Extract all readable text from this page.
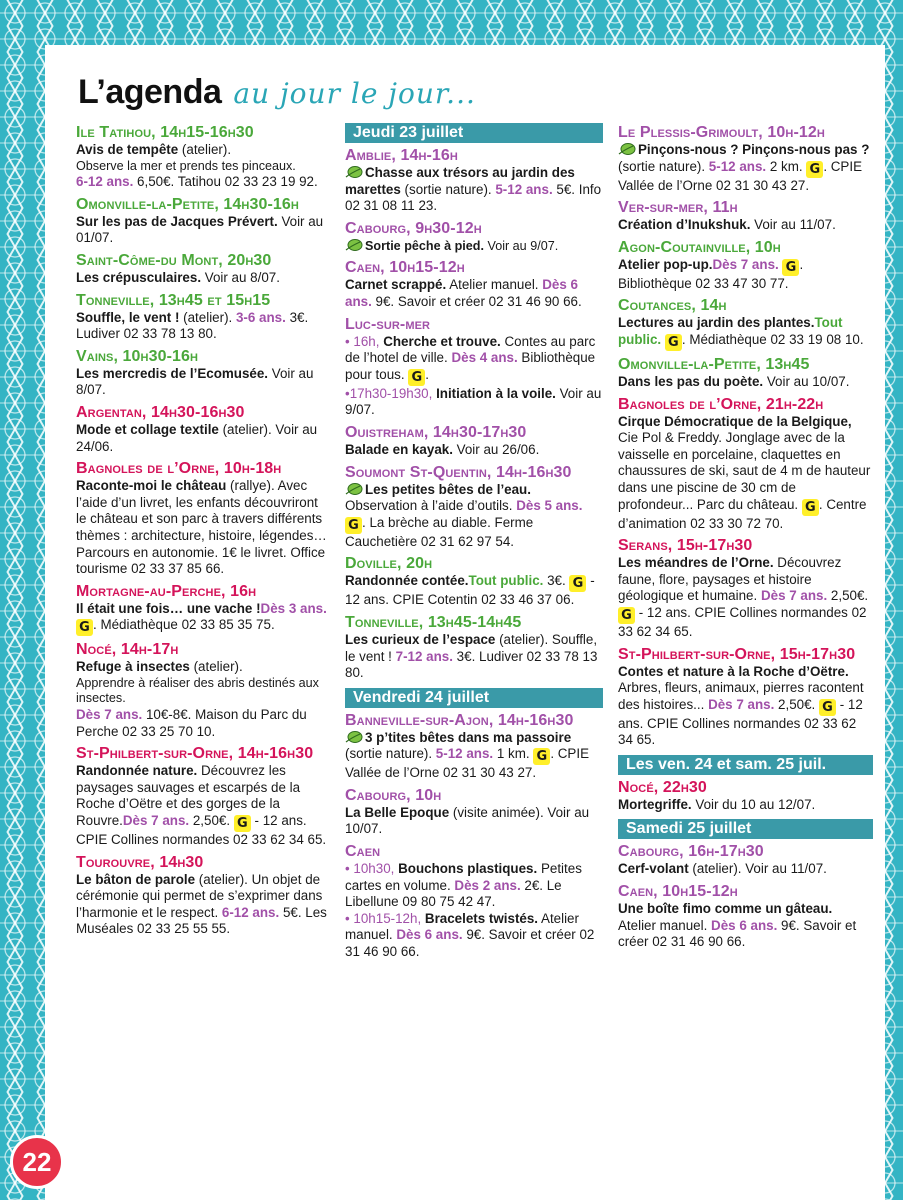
L’agenda au jour le jour...
Ile Tatihou, 14h15-16h30
Avis de tempête (atelier).
Observe la mer et prends tes pinceaux.
6-12 ans. 6,50€. Tatihou 02 33 23 19 92.
Omonville-la-Petite, 14h30-16h
Sur les pas de Jacques Prévert. Voir au 01/07.
Saint-Côme-du Mont, 20h30
Les crépusculaires. Voir au 8/07.
Tonneville, 13h45 et 15h15
Souffle, le vent ! (atelier). 3-6 ans. 3€. Ludiver 02 33 78 13 80.
Vains, 10h30-16h
Les mercredis de l’Ecomusée. Voir au 8/07.
Argentan, 14h30-16h30
Mode et collage textile (atelier). Voir au 24/06.
Bagnoles de l’Orne, 10h-18h
Raconte-moi le château (rallye). Avec l’aide d’un livret, les enfants découvriront le château et son parc à travers différents thèmes : architecture, histoire, légendes… Parcours en autonomie. 1€ le livret. Office tourisme 02 33 37 85 66.
Mortagne-au-Perche, 16h
Il était une fois… une vache !Dès 3 ans. G . Médiathèque 02 33 85 35 75.
Nocé, 14h-17h
Refuge à insectes (atelier).
Apprendre à réaliser des abris destinés aux insectes.
Dès 7 ans. 10€-8€. Maison du Parc du Perche 02 33 25 70 10.
St-Philbert-sur-Orne, 14h-16h30
Randonnée nature. Découvrez les paysages sauvages et escarpés de la Roche d’Oëtre et des gorges de la Rouvre.Dès 7 ans. 2,50€. G - 12 ans. CPIE Collines normandes 02 33 62 34 65.
Tourouvre, 14h30
Le bâton de parole (atelier). Un objet de cérémonie qui permet de s’exprimer dans l’harmonie et le respect. 6-12 ans. 5€. Les Muséales 02 33 25 55 55.
Jeudi 23 juillet
Amblie, 14h-16h
Chasse aux trésors au jardin des marettes (sortie nature). 5-12 ans. 5€. Info 02 31 08 11 23.
Cabourg, 9h30-12h
Sortie pêche à pied. Voir au 9/07.
Caen, 10h15-12h
Carnet scrappé. Atelier manuel. Dès 6 ans. 9€. Savoir et créer 02 31 46 90 66.
Luc-sur-mer
• 16h, Cherche et trouve. Contes au parc de l’hotel de ville. Dès 4 ans. Bibliothèque pour tous. G .
•17h30-19h30, Initiation à la voile. Voir au 9/07.
Ouistreham, 14h30-17h30
Balade en kayak. Voir au 26/06.
Soumont St-Quentin, 14h-16h30
Les petites bêtes de l’eau. Observation à l’aide d’outils. Dès 5 ans. G . La brèche au diable. Ferme Cauchetière 02 31 62 97 54.
Doville, 20h
Randonnée contée.Tout public. 3€. G - 12 ans. CPIE Cotentin 02 33 46 37 06.
Tonneville, 13h45-14h45
Les curieux de l’espace (atelier). Souffle, le vent ! 7-12 ans. 3€. Ludiver 02 33 78 13 80.
Vendredi 24 juillet
Banneville-sur-Ajon, 14h-16h30
3 p’tites bêtes dans ma passoire (sortie nature). 5-12 ans. 1 km. G . CPIE Vallée de l’Orne 02 31 30 43 27.
Cabourg, 10h
La Belle Epoque (visite animée). Voir au 10/07.
Caen
• 10h30, Bouchons plastiques. Petites cartes en volume. Dès 2 ans. 2€. Le Libellune 09 80 75 42 47.
• 10h15-12h, Bracelets twistés. Atelier manuel. Dès 6 ans. 9€. Savoir et créer 02 31 46 90 66.
Le Plessis-Grimoult, 10h-12h
Pinçons-nous ? Pinçons-nous pas ? (sortie nature). 5-12 ans. 2 km. G . CPIE Vallée de l’Orne 02 31 30 43 27.
Ver-sur-mer, 11h
Création d’Inukshuk. Voir au 11/07.
Agon-Coutainville, 10h
Atelier pop-up.Dès 7 ans. G . Bibliothèque 02 33 47 30 77.
Coutances, 14h
Lectures au jardin des plantes.Tout public. G . Médiathèque 02 33 19 08 10.
Omonville-la-Petite, 13h45
Dans les pas du poète. Voir au 10/07.
Bagnoles de l’Orne, 21h-22h
Cirque Démocratique de la Belgique, Cie Pol & Freddy. Jonglage avec de la vaisselle en porcelaine, claquettes en chaussures de ski, saut de 4 m de hauteur dans une piscine de 30 cm de profondeur... Parc du château. G . Centre d’animation 02 33 30 72 70.
Serans, 15h-17h30
Les méandres de l’Orne. Découvrez faune, flore, paysages et histoire géologique et humaine. Dès 7 ans. 2,50€. G - 12 ans. CPIE Collines normandes 02 33 62 34 65.
St-Philbert-sur-Orne, 15h-17h30
Contes et nature à la Roche d’Oëtre. Arbres, fleurs, animaux, pierres racontent des histoires... Dès 7 ans. 2,50€. G - 12 ans. CPIE Collines normandes 02 33 62 34 65.
Les ven. 24 et sam. 25 juil.
Nocé, 22h30
Mortegriffe. Voir du 10 au 12/07.
Samedi 25 juillet
Cabourg, 16h-17h30
Cerf-volant (atelier). Voir au 11/07.
Caen, 10h15-12h
Une boîte fimo comme un gâteau. Atelier manuel. Dès 6 ans. 9€. Savoir et créer 02 31 46 90 66.
22
